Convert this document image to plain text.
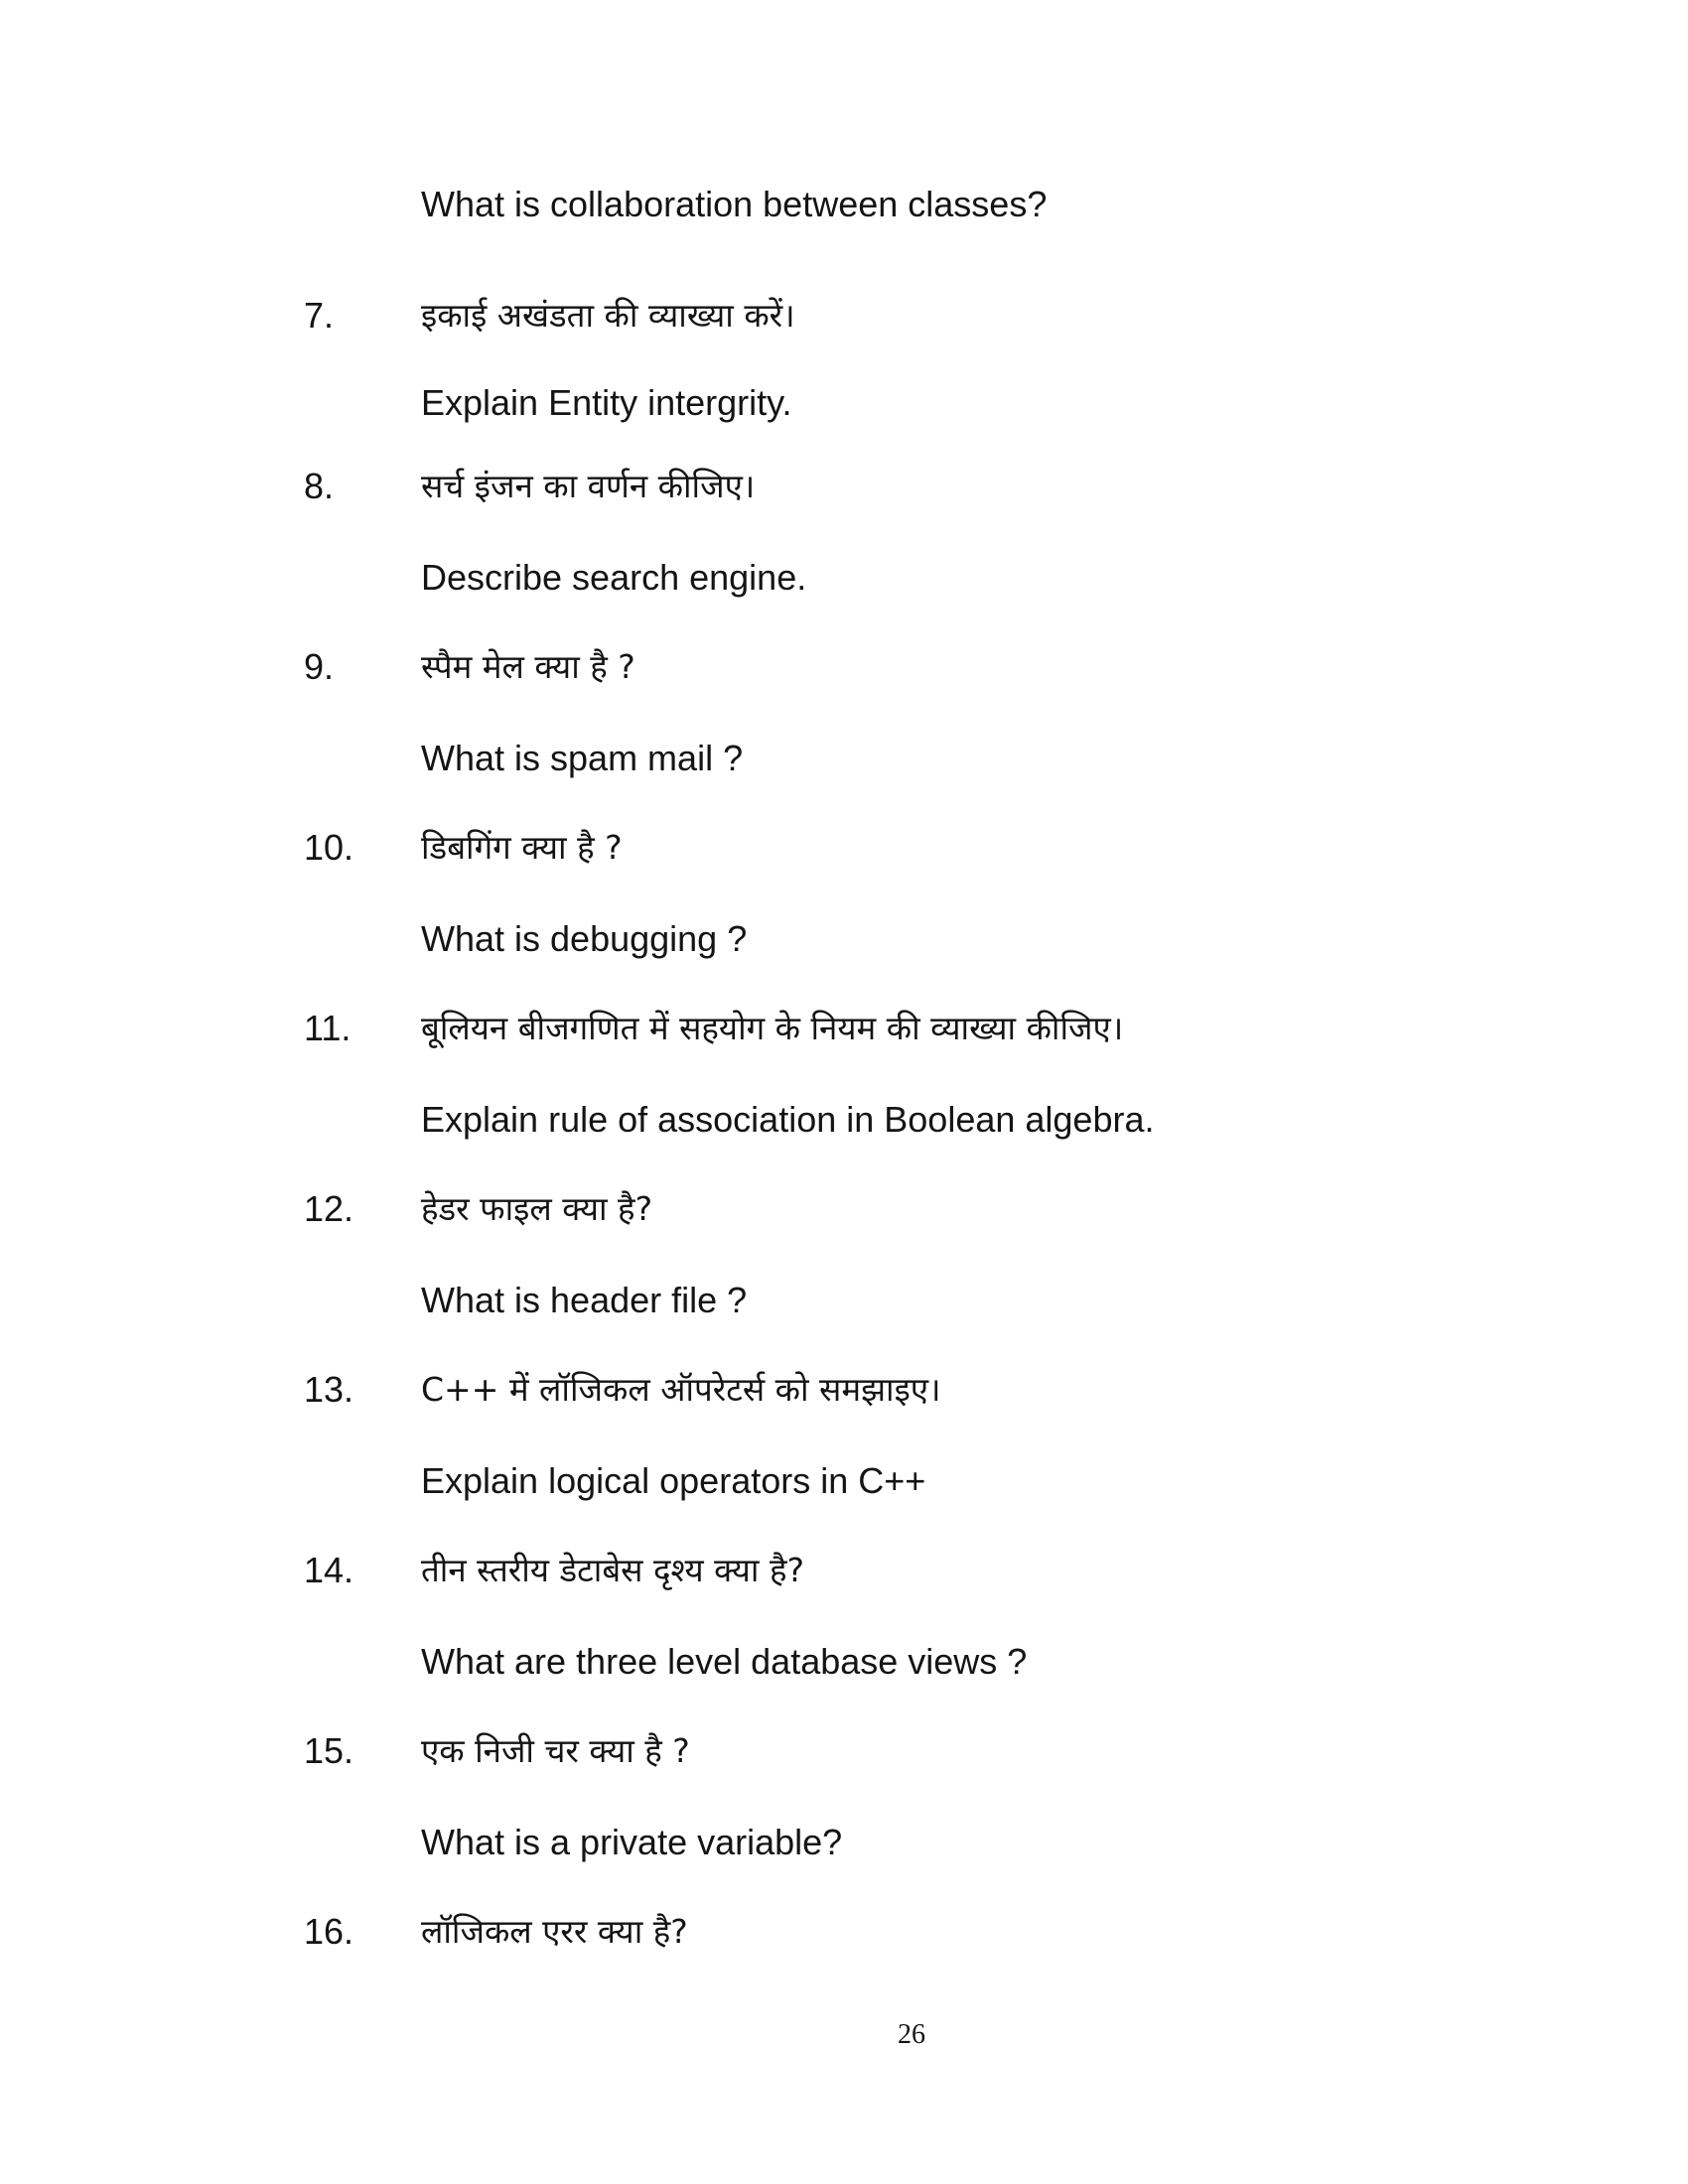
What is collaboration between classes?
7.	इकाई अखंडता की व्याख्या करें।
Explain Entity intergrity.
8.	सर्च इंजन का वर्णन कीजिए।
Describe search engine.
9.	स्पैम मेल क्या है ?
What is spam mail ?
10. डिबगिंग क्या है ?
What is debugging ?
11. बूलियन बीजगणित में सहयोग के नियम की व्याख्या कीजिए।
Explain rule of association in Boolean algebra.
12. हेडर फाइल क्या है?
What is header file ?
13. C++ में लॉजिकल ऑपरेटर्स को समझाइए।
Explain logical operators in C++
14. तीन स्तरीय डेटाबेस दृश्य क्या है?
What are three level database views ?
15. एक निजी चर क्या है ?
What is a private variable?
16. लॉजिकल एरर क्या है?
26
